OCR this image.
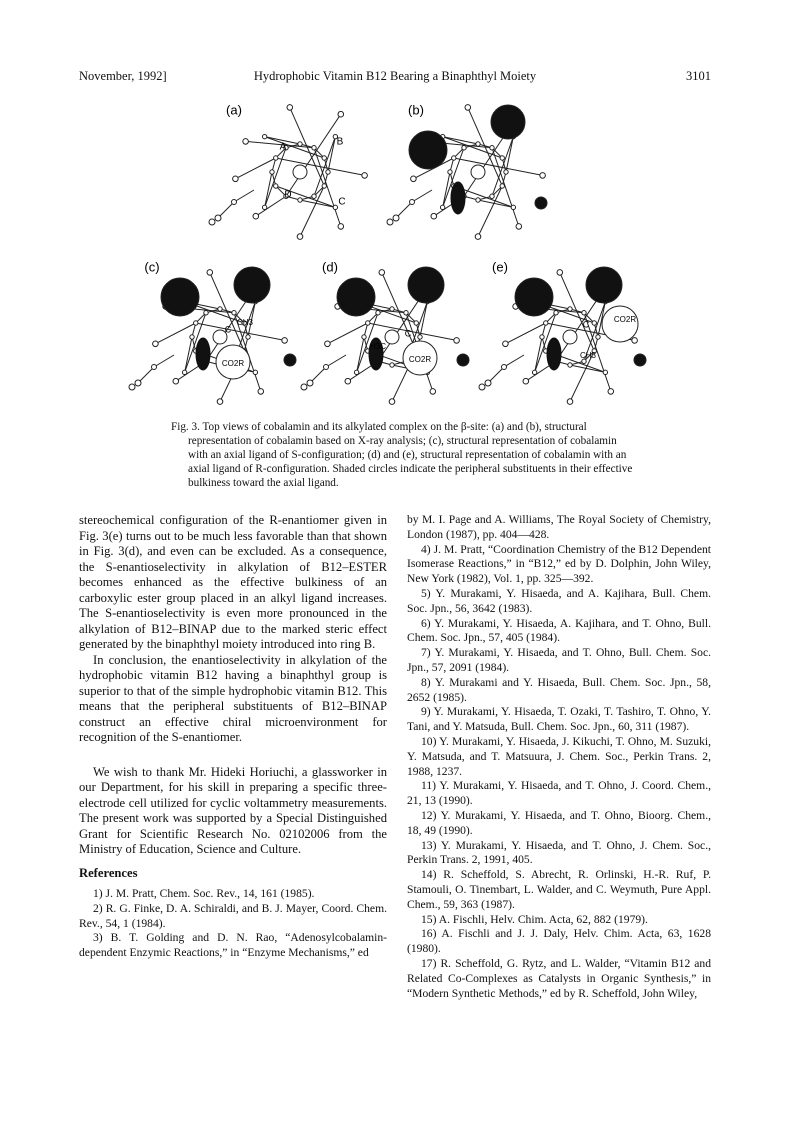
November, 1992]	Hydrophobic Vitamin B12 Bearing a Binaphthyl Moiety	3101
(a)
A	B
D
C
(b)
(c)
C
CH3
CO2R
(d)
H3C
C
CO2R
(e)
CO2R
C
CH3

Fig. 3. Top views of cobalamin and its alkylated complex on the β-site: (a) and (b), structural representation of cobalamin based on X-ray analysis; (c), structural representation of cobalamin with an axial ligand of S-configuration; (d) and (e), structural representation of cobalamin with an axial ligand of R-configuration. Shaded circles indicate the peripheral substituents in their effective bulkiness toward the axial ligand.

stereochemical configuration of the R-enantiomer given in Fig. 3(e) turns out to be much less favorable than that shown in Fig. 3(d), and even can be excluded. As a consequence, the S-enantioselectivity in alkylation of B12–ESTER becomes enhanced as the effective bulkiness of an carboxylic ester group placed in an alkyl ligand increases. The S-enantioselectivity is even more pronounced in the alkylation of B12–BINAP due to the marked steric effect generated by the binaphthyl moiety introduced into ring B.

In conclusion, the enantioselectivity in alkylation of the hydrophobic vitamin B12 having a binaphthyl group is superior to that of the simple hydrophobic vitamin B12. This means that the peripheral substituents of B12–BINAP construct an effective chiral microenvironment for recognition of the S-enantiomer.

We wish to thank Mr. Hideki Horiuchi, a glassworker in our Department, for his skill in preparing a specific three-electrode cell utilized for cyclic voltammetry measurements. The present work was supported by a Special Distinguished Grant for Scientific Research No. 02102006 from the Ministry of Education, Science and Culture.

References

1) J. M. Pratt, Chem. Soc. Rev., 14, 161 (1985).

2) R. G. Finke, D. A. Schiraldi, and B. J. Mayer, Coord. Chem. Rev., 54, 1 (1984).

3) B. T. Golding and D. N. Rao, “Adenosylcobalamin-dependent Enzymic Reactions,” in “Enzyme Mechanisms,” ed

by M. I. Page and A. Williams, The Royal Society of Chemistry, London (1987), pp. 404—428.

4) J. M. Pratt, “Coordination Chemistry of the B12 Dependent Isomerase Reactions,” in “B12,” ed by D. Dolphin, John Wiley, New York (1982), Vol. 1, pp. 325—392.

5) Y. Murakami, Y. Hisaeda, and A. Kajihara, Bull. Chem. Soc. Jpn., 56, 3642 (1983).

6) Y. Murakami, Y. Hisaeda, A. Kajihara, and T. Ohno, Bull. Chem. Soc. Jpn., 57, 405 (1984).

7) Y. Murakami, Y. Hisaeda, and T. Ohno, Bull. Chem. Soc. Jpn., 57, 2091 (1984).

8) Y. Murakami and Y. Hisaeda, Bull. Chem. Soc. Jpn., 58, 2652 (1985).

9) Y. Murakami, Y. Hisaeda, T. Ozaki, T. Tashiro, T. Ohno, Y. Tani, and Y. Matsuda, Bull. Chem. Soc. Jpn., 60, 311 (1987).

10) Y. Murakami, Y. Hisaeda, J. Kikuchi, T. Ohno, M. Suzuki, Y. Matsuda, and T. Matsuura, J. Chem. Soc., Perkin Trans. 2, 1988, 1237.

11) Y. Murakami, Y. Hisaeda, and T. Ohno, J. Coord. Chem., 21, 13 (1990).

12) Y. Murakami, Y. Hisaeda, and T. Ohno, Bioorg. Chem., 18, 49 (1990).

13) Y. Murakami, Y. Hisaeda, and T. Ohno, J. Chem. Soc., Perkin Trans. 2, 1991, 405.

14) R. Scheffold, S. Abrecht, R. Orlinski, H.-R. Ruf, P. Stamouli, O. Tinembart, L. Walder, and C. Weymuth, Pure Appl. Chem., 59, 363 (1987).

15) A. Fischli, Helv. Chim. Acta, 62, 882 (1979).

16) A. Fischli and J. J. Daly, Helv. Chim. Acta, 63, 1628 (1980).

17) R. Scheffold, G. Rytz, and L. Walder, “Vitamin B12 and Related Co-Complexes as Catalysts in Organic Synthesis,” in “Modern Synthetic Methods,” ed by R. Scheffold, John Wiley,
